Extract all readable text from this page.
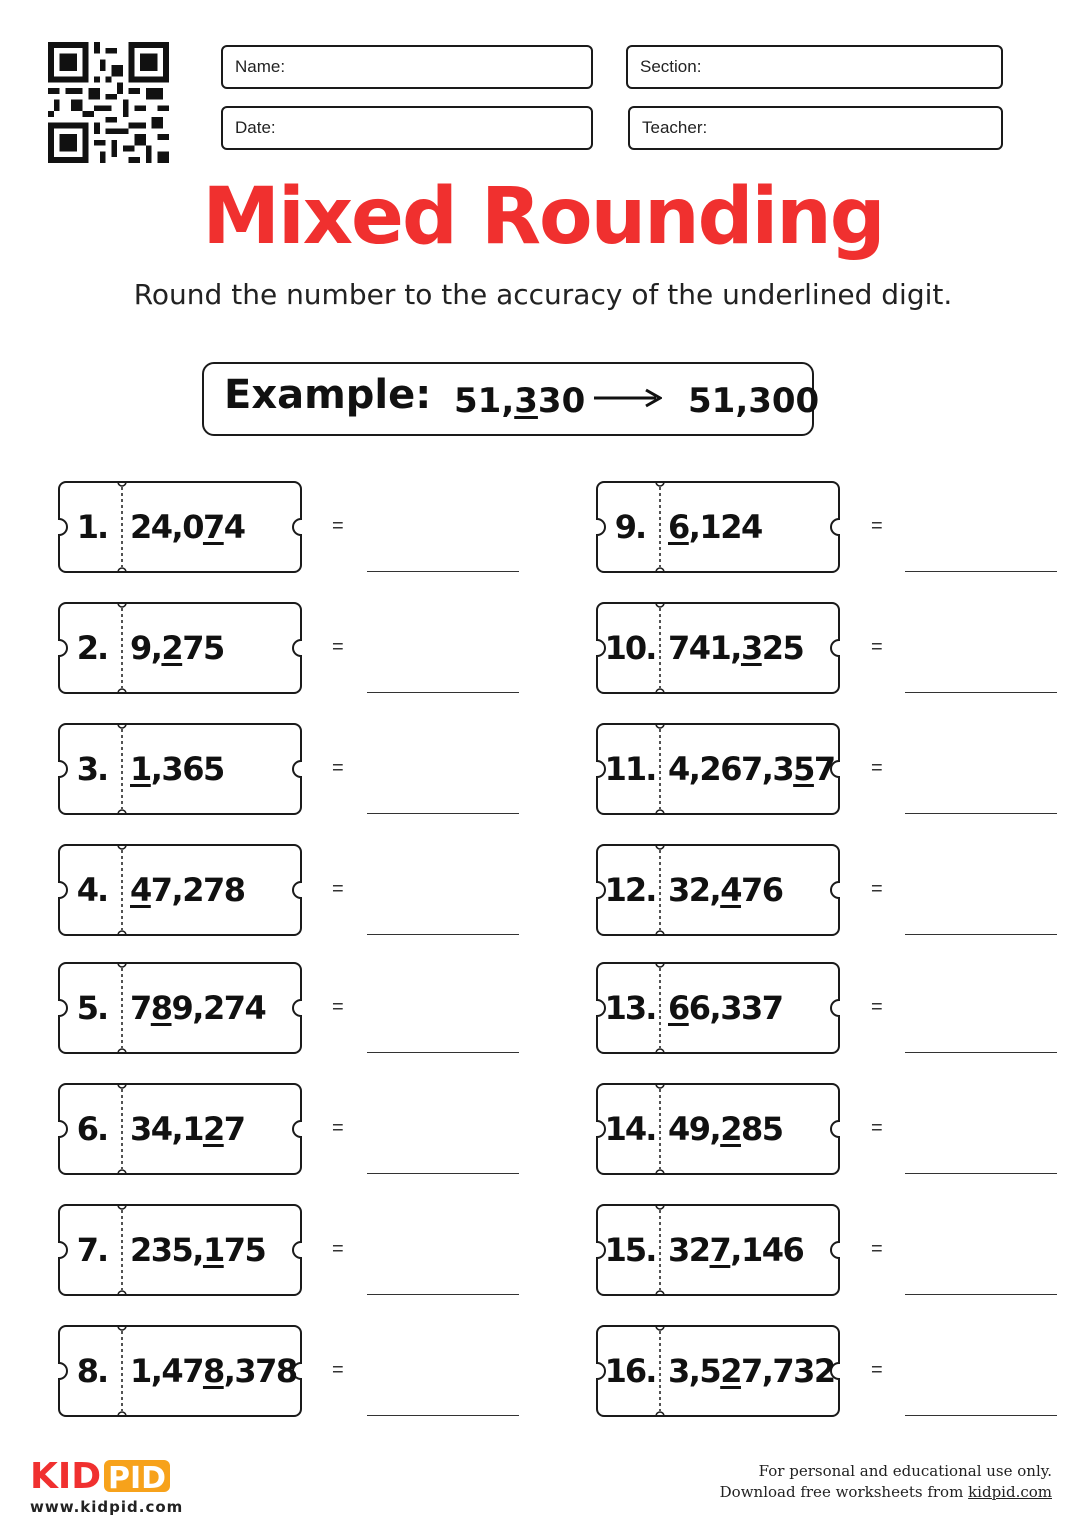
Name:	Section:
Date:	Teacher:
Mixed Rounding
Round the number to the accuracy of the underlined digit.
Example: 51,330	51,300
1. 24,0 7 4	=
2. 9, 2 75	=
3. 1 ,365	=
4. 4 7,278	=
5. 7 8 9,274	=
6. 34,1 2 7	=
7. 235, 1 75	=
8. 1,47 8 ,378 =
9. 6 ,124	=
10. 741, 3 25	=
11. 4,267,3 5 7 =
12. 32, 4 76	=
13. 6 6,337	=
14. 49, 2 85	=
15. 32 7 ,146	=
16. 3,5 2 7,732 =
KID PID
www.kidpid.com
For personal and educational use only.
Download free worksheets from kidpid.com
